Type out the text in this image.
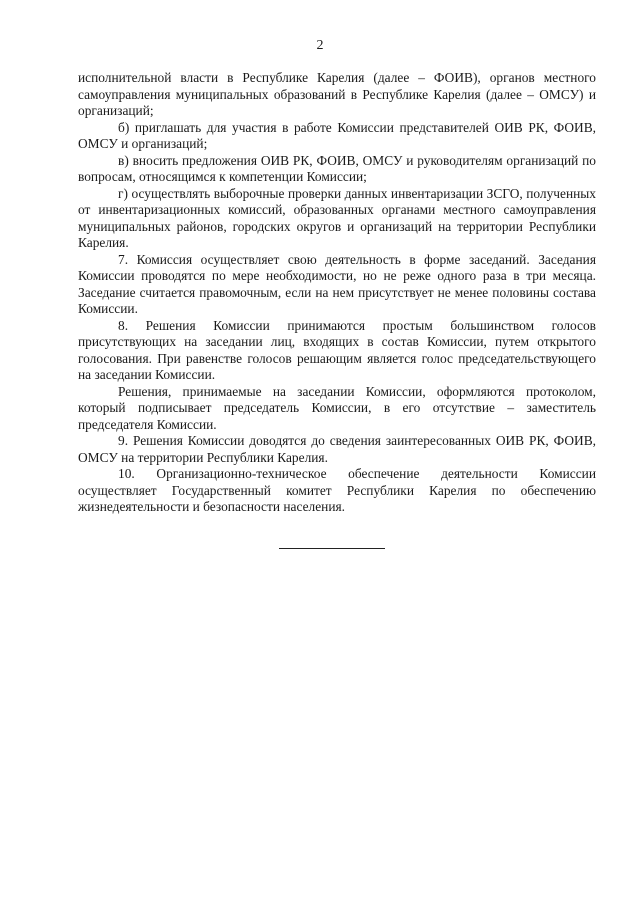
2

исполнительной власти в Республике Карелия (далее – ФОИВ), органов местного самоуправления муниципальных образований в Республике Карелия (далее – ОМСУ) и организаций;

б) приглашать для участия в работе Комиссии представителей ОИВ РК, ФОИВ, ОМСУ и организаций;

в) вносить предложения ОИВ РК, ФОИВ, ОМСУ и руководителям организаций по вопросам, относящимся к компетенции Комиссии;

г) осуществлять выборочные проверки данных инвентаризации ЗСГО, полученных от инвентаризационных комиссий, образованных органами местного самоуправления муниципальных районов, городских округов и организаций на территории Республики Карелия.

7. Комиссия осуществляет свою деятельность в форме заседаний. Заседания Комиссии проводятся по мере необходимости, но не реже одного раза в три месяца. Заседание считается правомочным, если на нем присутствует не менее половины состава Комиссии.

8. Решения Комиссии принимаются простым большинством голосов присутствующих на заседании лиц, входящих в состав Комиссии, путем открытого голосования. При равенстве голосов решающим является голос председательствующего на заседании Комиссии.

Решения, принимаемые на заседании Комиссии, оформляются протоколом, который подписывает председатель Комиссии, в его отсутствие – заместитель председателя Комиссии.

9. Решения Комиссии доводятся до сведения заинтересованных ОИВ РК, ФОИВ, ОМСУ на территории Республики Карелия.

10. Организационно-техническое обеспечение деятельности Комиссии осуществляет Государственный комитет Республики Карелия по обеспечению жизнедеятельности и безопасности населения.
